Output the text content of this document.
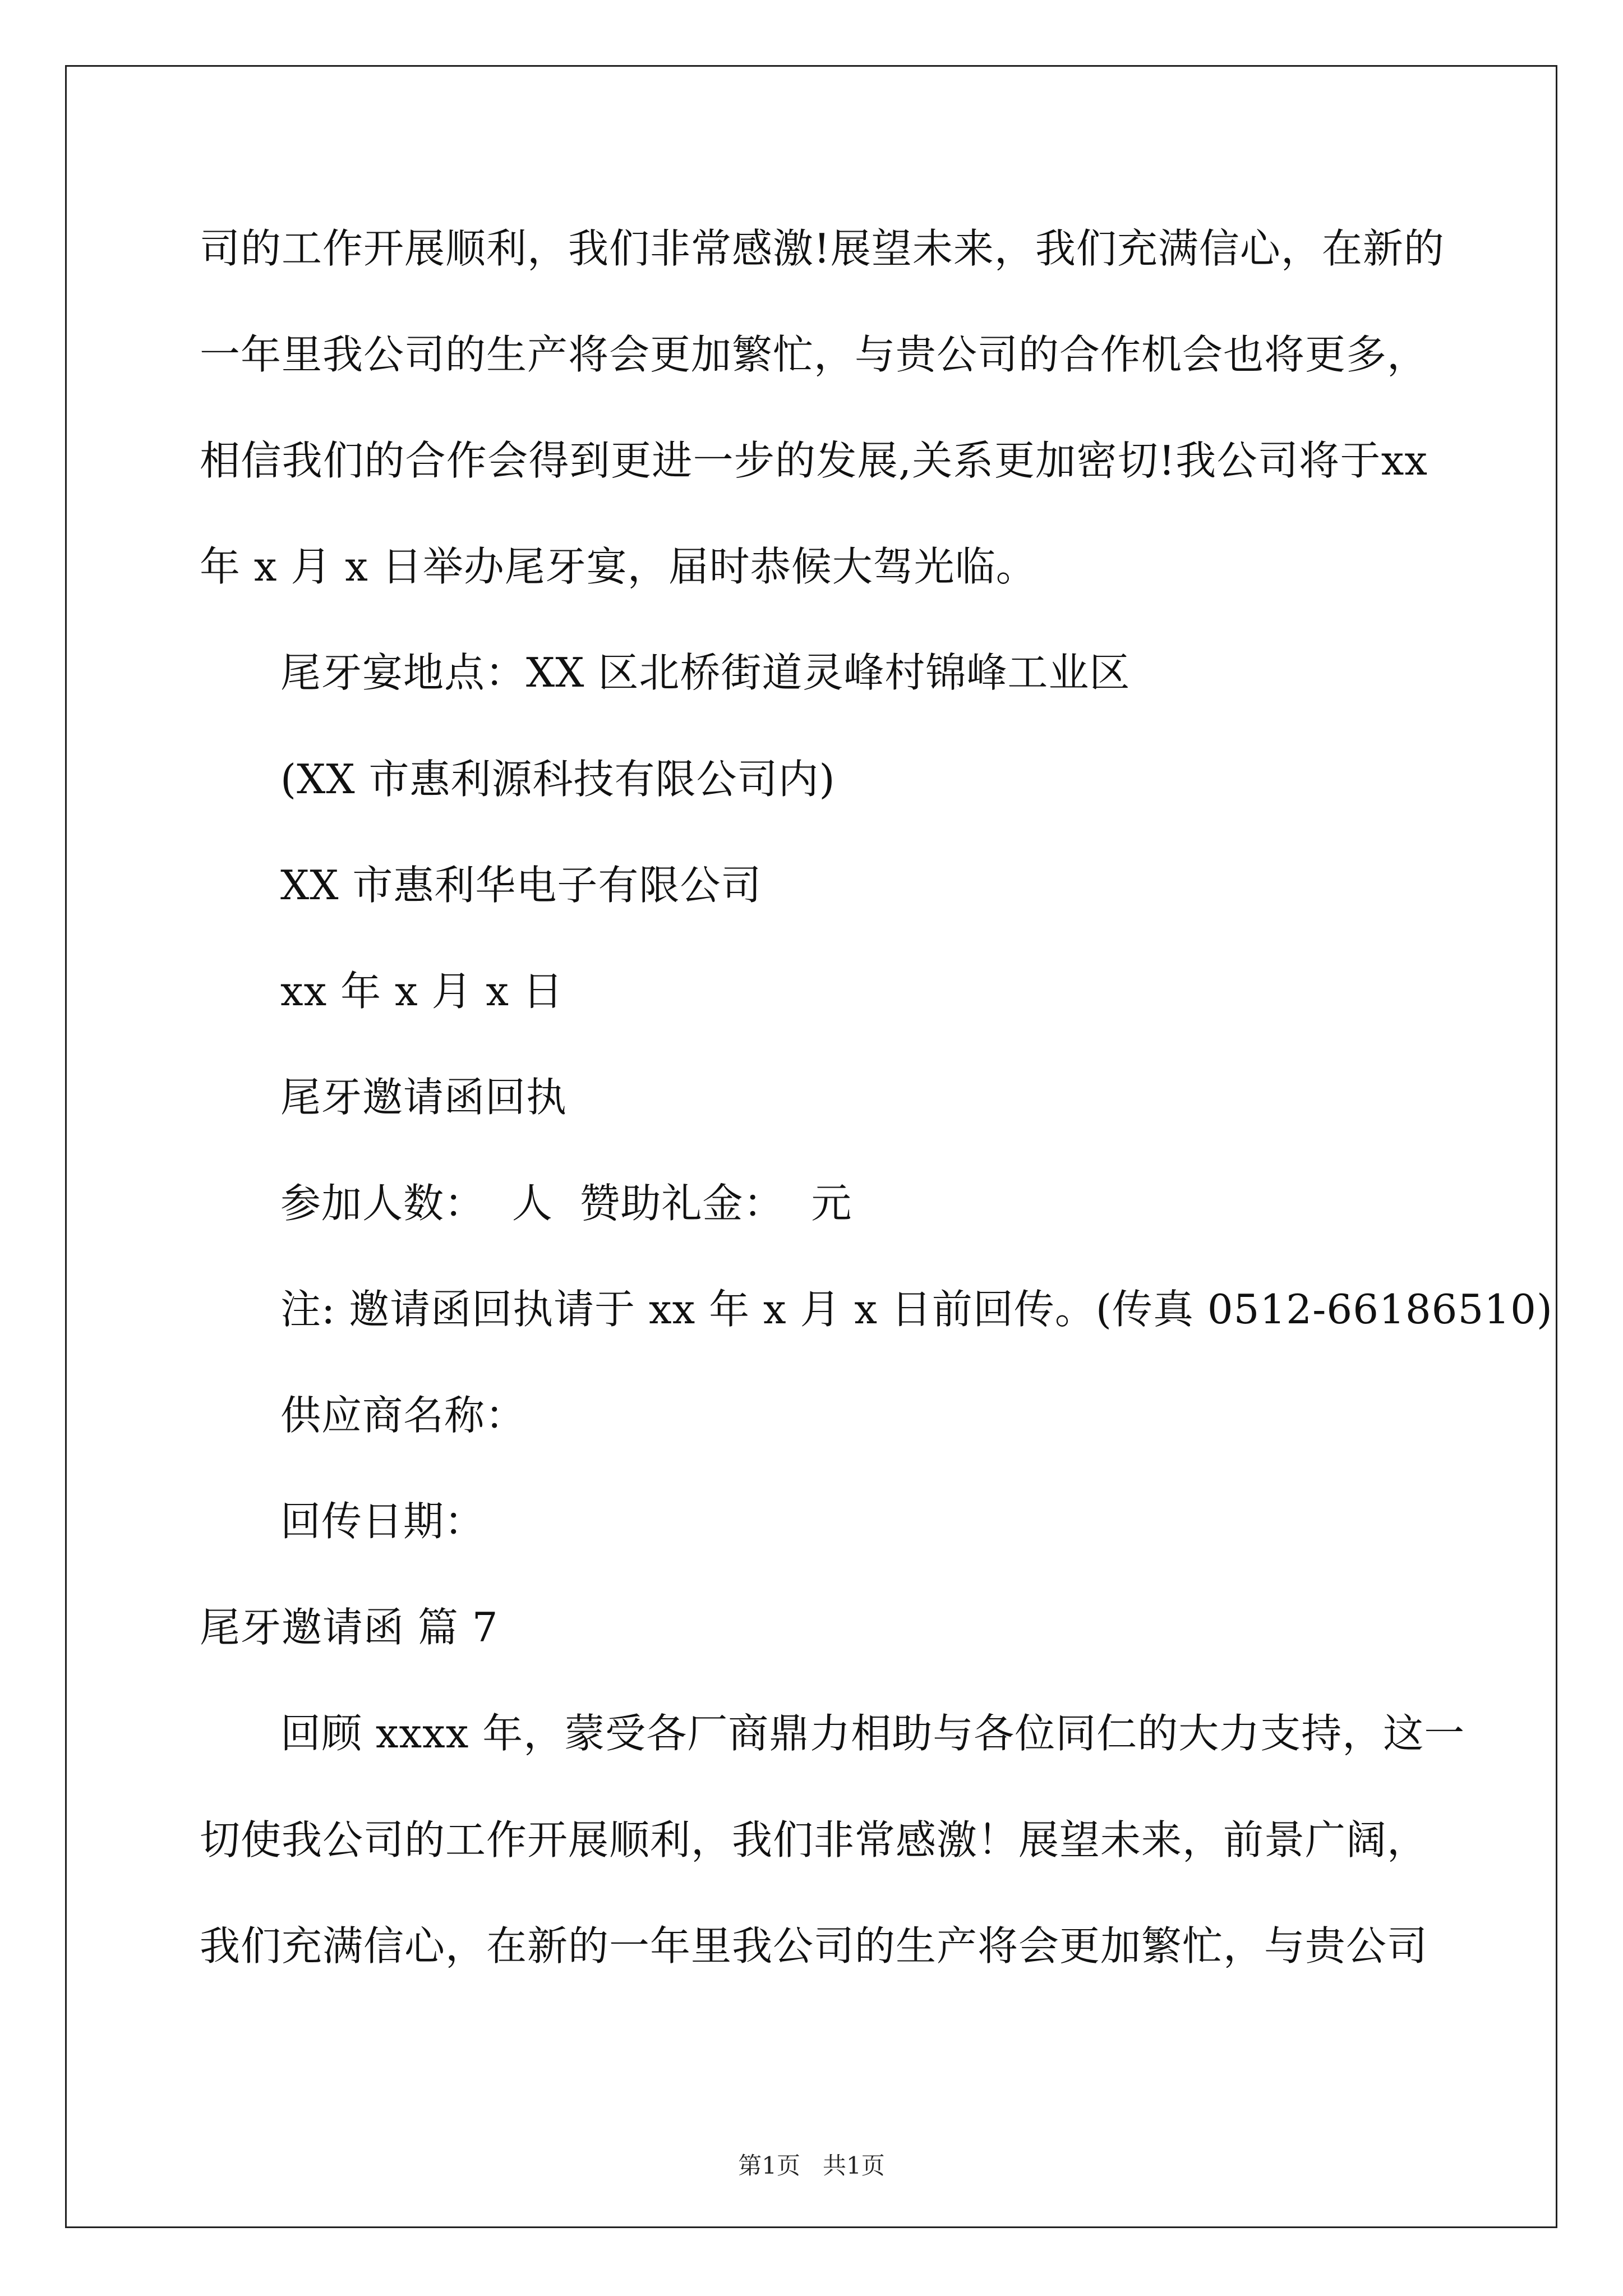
司的工作开展顺利，我们非常感激!展望未来，我们充满信心，在新的
一年里我公司的生产将会更加繁忙，与贵公司的合作机会也将更多，
相信我们的合作会得到更进一步的发展,关系更加密切!我公司将于xx
年 x 月 x 日举办尾牙宴，届时恭候大驾光临。
尾牙宴地点：XX 区北桥街道灵峰村锦峰工业区
(XX 市惠利源科技有限公司内)
XX 市惠利华电子有限公司
xx 年 x 月 x 日
尾牙邀请函回执
参加人数：  人  赞助礼金：  元
注: 邀请函回执请于 xx 年 x 月 x 日前回传。(传真 0512-66186510)
供应商名称：
回传日期：
尾牙邀请函 篇 7
回顾 xxxx 年，蒙受各厂商鼎力相助与各位同仁的大力支持，这一
切使我公司的工作开展顺利，我们非常感激！展望未来，前景广阔，
我们充满信心，在新的一年里我公司的生产将会更加繁忙，与贵公司
第1页   共1页
